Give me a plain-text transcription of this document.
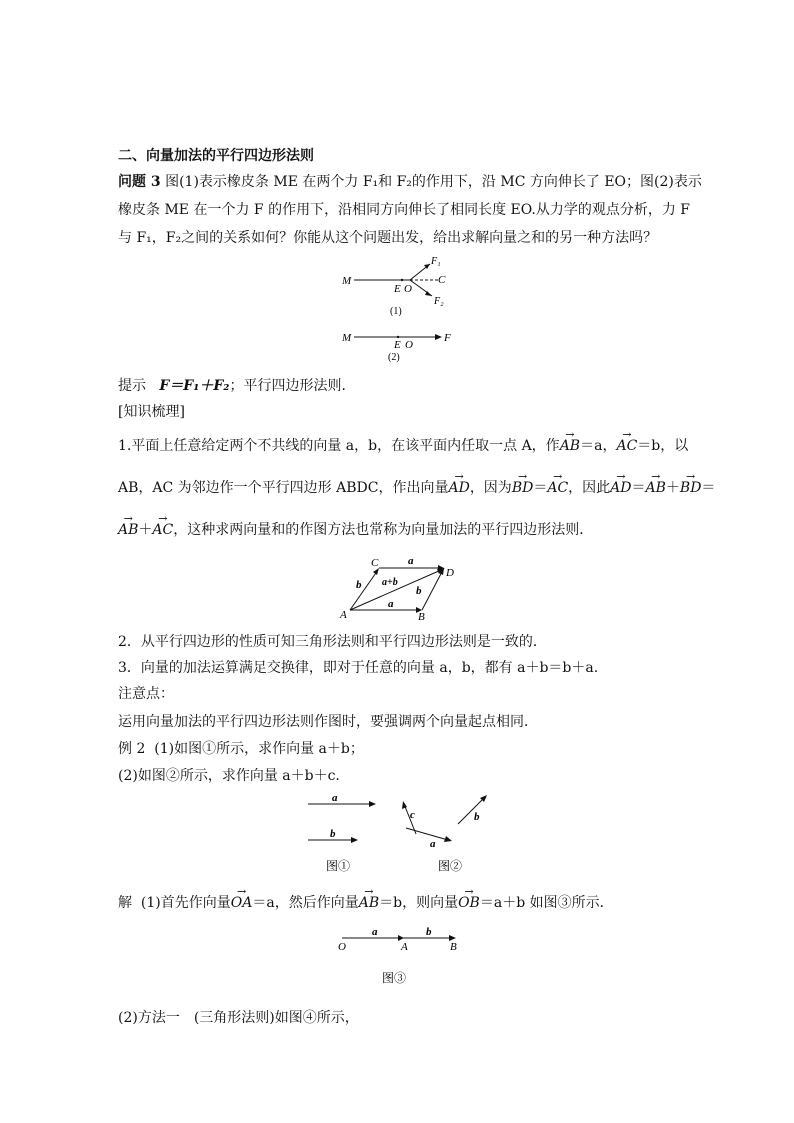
二、向量加法的平行四边形法则
问题 3 图(1)表示橡皮条 ME 在两个力 F₁和 F₂的作用下，沿 MC 方向伸长了 EO；图(2)表示
橡皮条 ME 在一个力 F 的作用下，沿相同方向伸长了相同长度 EO.从力学的观点分析，力 F
与 F₁，F₂之间的关系如何？你能从这个问题出发，给出求解向量之和的另一种方法吗？
M
E O
C
F₁
F₂
(1)
M
E O
F
(2)
提示 F＝F₁＋F₂；平行四边形法则．
[知识梳理]
1.平面上任意给定两个不共线的向量 a，b，在该平面内任取一点 A，作→ AB＝a，→ AC＝b，以
AB，AC 为邻边作一个平行四边形 ABDC，作出向量→ AD，因为→ BD＝→ AC，因此→ AD＝→ AB＋→ BD＝
→ AB＋→ AC，这种求两向量和的作图方法也常称为向量加法的平行四边形法则．
A	B
C
D
a
a
b	b
a+b
2．从平行四边形的性质可知三角形法则和平行四边形法则是一致的．
3．向量的加法运算满足交换律，即对于任意的向量 a，b，都有 a＋b＝b＋a.
注意点：
运用向量加法的平行四边形法则作图时，要强调两个向量起点相同．
例 2 (1)如图①所示，求作向量 a＋b；
(2)如图②所示，求作向量 a＋b＋c.
a
b
图①
c
a
b
图②
解 (1)首先作向量→ OA＝a，然后作向量→ AB＝b，则向量→ OB＝a＋b 如图③所示．
O	A	B
a	b
图③
(2)方法一　(三角形法则)如图④所示，
